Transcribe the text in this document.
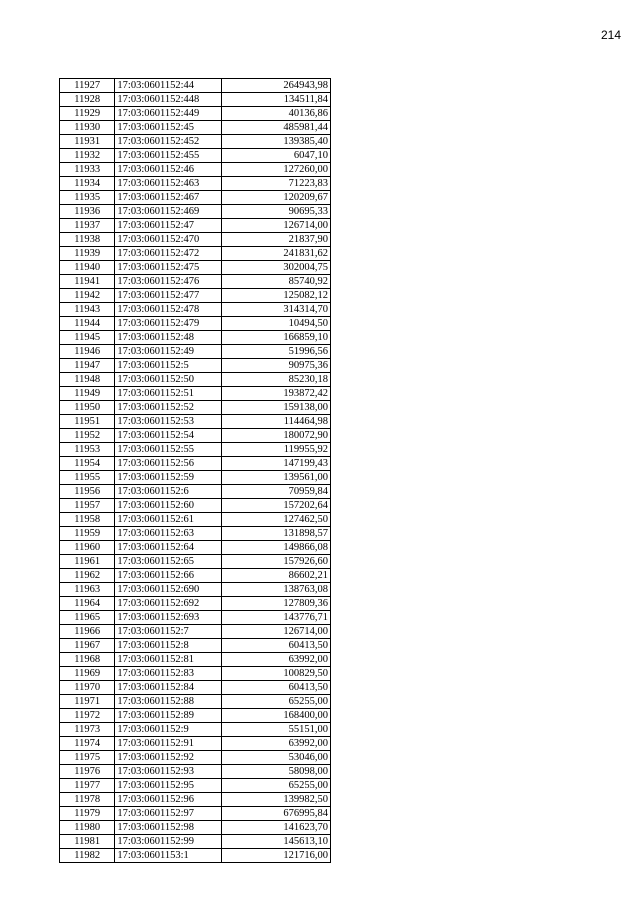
214
11927	17:03:0601152:44	264943,98
11928	17:03:0601152:448	134511,84
11929	17:03:0601152:449	40136,86
11930	17:03:0601152:45	485981,44
11931	17:03:0601152:452	139385,40
11932	17:03:0601152:455	6047,10
11933	17:03:0601152:46	127260,00
11934	17:03:0601152:463	71223,83
11935	17:03:0601152:467	120209,67
11936	17:03:0601152:469	90695,33
11937	17:03:0601152:47	126714,00
11938	17:03:0601152:470	21837,90
11939	17:03:0601152:472	241831,62
11940	17:03:0601152:475	302004,75
11941	17:03:0601152:476	85740,92
11942	17:03:0601152:477	125082,12
11943	17:03:0601152:478	314314,70
11944	17:03:0601152:479	10494,50
11945	17:03:0601152:48	166859,10
11946	17:03:0601152:49	51996,56
11947	17:03:0601152:5	90975,36
11948	17:03:0601152:50	85230,18
11949	17:03:0601152:51	193872,42
11950	17:03:0601152:52	159138,00
11951	17:03:0601152:53	114464,98
11952	17:03:0601152:54	180072,90
11953	17:03:0601152:55	119955,92
11954	17:03:0601152:56	147199,43
11955	17:03:0601152:59	139561,00
11956	17:03:0601152:6	70959,84
11957	17:03:0601152:60	157202,64
11958	17:03:0601152:61	127462,50
11959	17:03:0601152:63	131898,57
11960	17:03:0601152:64	149866,08
11961	17:03:0601152:65	157926,60
11962	17:03:0601152:66	86602,21
11963	17:03:0601152:690	138763,08
11964	17:03:0601152:692	127809,36
11965	17:03:0601152:693	143776,71
11966	17:03:0601152:7	126714,00
11967	17:03:0601152:8	60413,50
11968	17:03:0601152:81	63992,00
11969	17:03:0601152:83	100829,50
11970	17:03:0601152:84	60413,50
11971	17:03:0601152:88	65255,00
11972	17:03:0601152:89	168400,00
11973	17:03:0601152:9	55151,00
11974	17:03:0601152:91	63992,00
11975	17:03:0601152:92	53046,00
11976	17:03:0601152:93	58098,00
11977	17:03:0601152:95	65255,00
11978	17:03:0601152:96	139982,50
11979	17:03:0601152:97	676995,84
11980	17:03:0601152:98	141623,70
11981	17:03:0601152:99	145613,10
11982	17:03:0601153:1	121716,00
